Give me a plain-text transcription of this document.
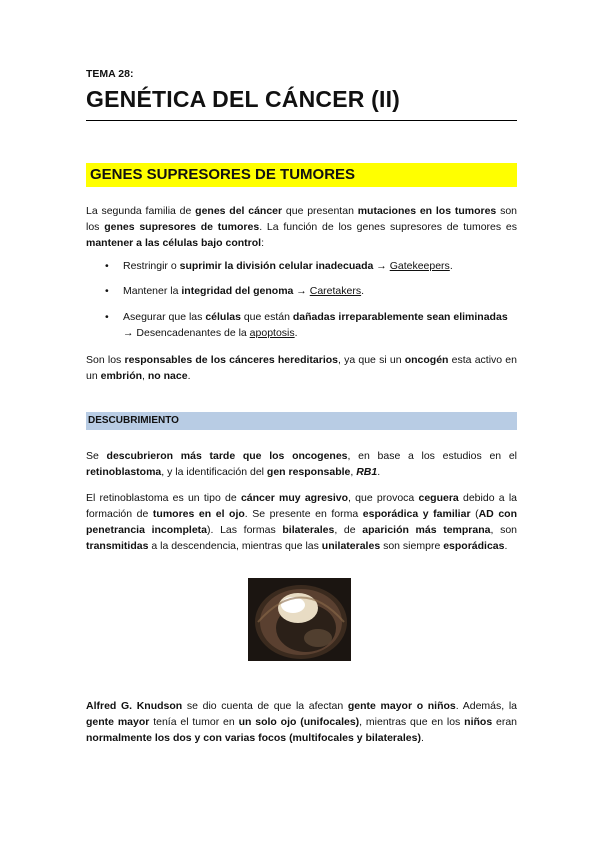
TEMA 28:
GENÉTICA DEL CÁNCER (II)
GENES SUPRESORES DE TUMORES

La segunda familia de genes del cáncer que presentan mutaciones en los tumores son los genes supresores de tumores. La función de los genes supresores de tumores es mantener a las células bajo control:

• Restringir o suprimir la división celular inadecuada → Gatekeepers.
• Mantener la integridad del genoma → Caretakers.
• Asegurar que las células que están dañadas irreparablemente sean eliminadas → Desencadenantes de la apoptosis.

Son los responsables de los cánceres hereditarios, ya que si un oncogén esta activo en un embrión, no nace.

DESCUBRIMIENTO

Se descubrieron más tarde que los oncogenes, en base a los estudios en el retinoblastoma, y la identificación del gen responsable, RB1.

El retinoblastoma es un tipo de cáncer muy agresivo, que provoca ceguera debido a la formación de tumores en el ojo. Se presente en forma esporádica y familiar (AD con penetrancia incompleta). Las formas bilaterales, de aparición más temprana, son transmitidas a la descendencia, mientras que las unilaterales son siempre esporádicas.

Alfred G. Knudson se dio cuenta de que la afectan gente mayor o niños. Además, la gente mayor tenía el tumor en un solo ojo (unifocales), mientras que en los niños eran normalmente los dos y con varias focos (multifocales y bilaterales).
